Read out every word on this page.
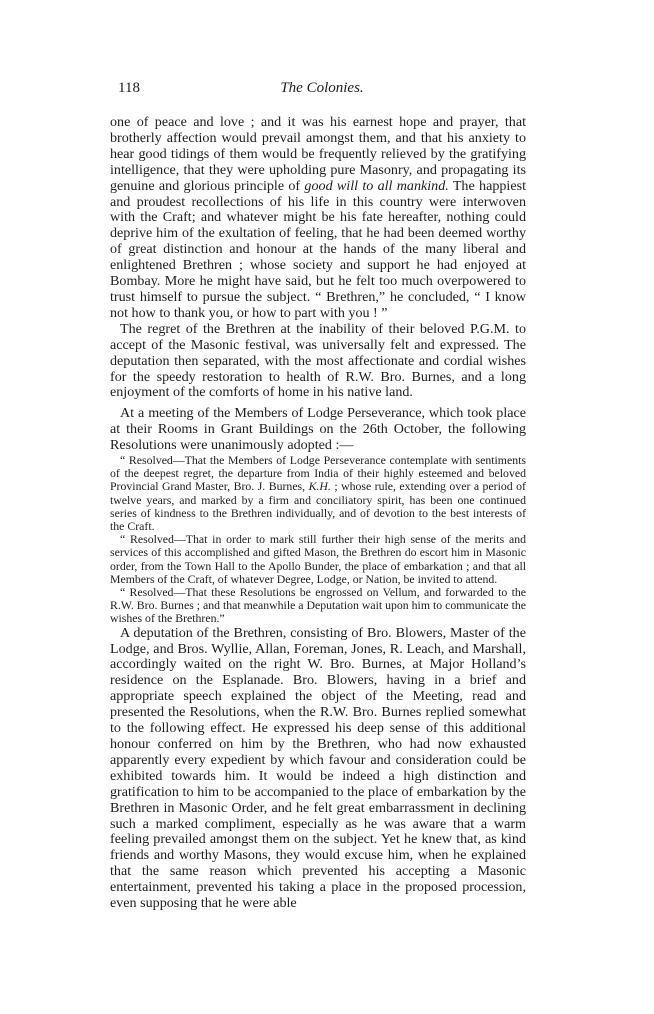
118	The Colonies.

one of peace and love ; and it was his earnest hope and prayer, that brotherly affection would prevail amongst them, and that his anxiety to hear good tidings of them would be frequently relieved by the gratifying intelligence, that they were upholding pure Masonry, and propagating its genuine and glorious principle of good will to all mankind. The happiest and proudest recollections of his life in this country were interwoven with the Craft; and whatever might be his fate hereafter, nothing could deprive him of the exultation of feeling, that he had been deemed worthy of great distinction and honour at the hands of the many liberal and enlightened Brethren ; whose society and support he had enjoyed at Bombay. More he might have said, but he felt too much overpowered to trust himself to pursue the subject. “ Brethren,” he concluded, “ I know not how to thank you, or how to part with you ! ”

The regret of the Brethren at the inability of their beloved P.G.M. to accept of the Masonic festival, was universally felt and expressed. The deputation then separated, with the most affectionate and cordial wishes for the speedy restoration to health of R.W. Bro. Burnes, and a long enjoyment of the comforts of home in his native land.

At a meeting of the Members of Lodge Perseverance, which took place at their Rooms in Grant Buildings on the 26th October, the following Resolutions were unanimously adopted :—

“ Resolved—That the Members of Lodge Perseverance contemplate with sentiments of the deepest regret, the departure from India of their highly esteemed and beloved Provincial Grand Master, Bro. J. Burnes, K.H. ; whose rule, extending over a period of twelve years, and marked by a firm and conciliatory spirit, has been one continued series of kindness to the Brethren individually, and of devotion to the best interests of the Craft.

“ Resolved—That in order to mark still further their high sense of the merits and services of this accomplished and gifted Mason, the Brethren do escort him in Masonic order, from the Town Hall to the Apollo Bunder, the place of embarkation ; and that all Members of the Craft, of whatever Degree, Lodge, or Nation, be invited to attend.

“ Resolved—That these Resolutions be engrossed on Vellum, and forwarded to the R.W. Bro. Burnes ; and that meanwhile a Deputation wait upon him to communicate the wishes of the Brethren.”

A deputation of the Brethren, consisting of Bro. Blowers, Master of the Lodge, and Bros. Wyllie, Allan, Foreman, Jones, R. Leach, and Marshall, accordingly waited on the right W. Bro. Burnes, at Major Holland’s residence on the Esplanade. Bro. Blowers, having in a brief and appropriate speech explained the object of the Meeting, read and presented the Resolutions, when the R.W. Bro. Burnes replied somewhat to the following effect. He expressed his deep sense of this additional honour conferred on him by the Brethren, who had now exhausted apparently every expedient by which favour and consideration could be exhibited towards him. It would be indeed a high distinction and gratification to him to be accompanied to the place of embarkation by the Brethren in Masonic Order, and he felt great embarrassment in declining such a marked compliment, especially as he was aware that a warm feeling prevailed amongst them on the subject. Yet he knew that, as kind friends and worthy Masons, they would excuse him, when he explained that the same reason which prevented his accepting a Masonic entertainment, prevented his taking a place in the proposed procession, even supposing that he were able
